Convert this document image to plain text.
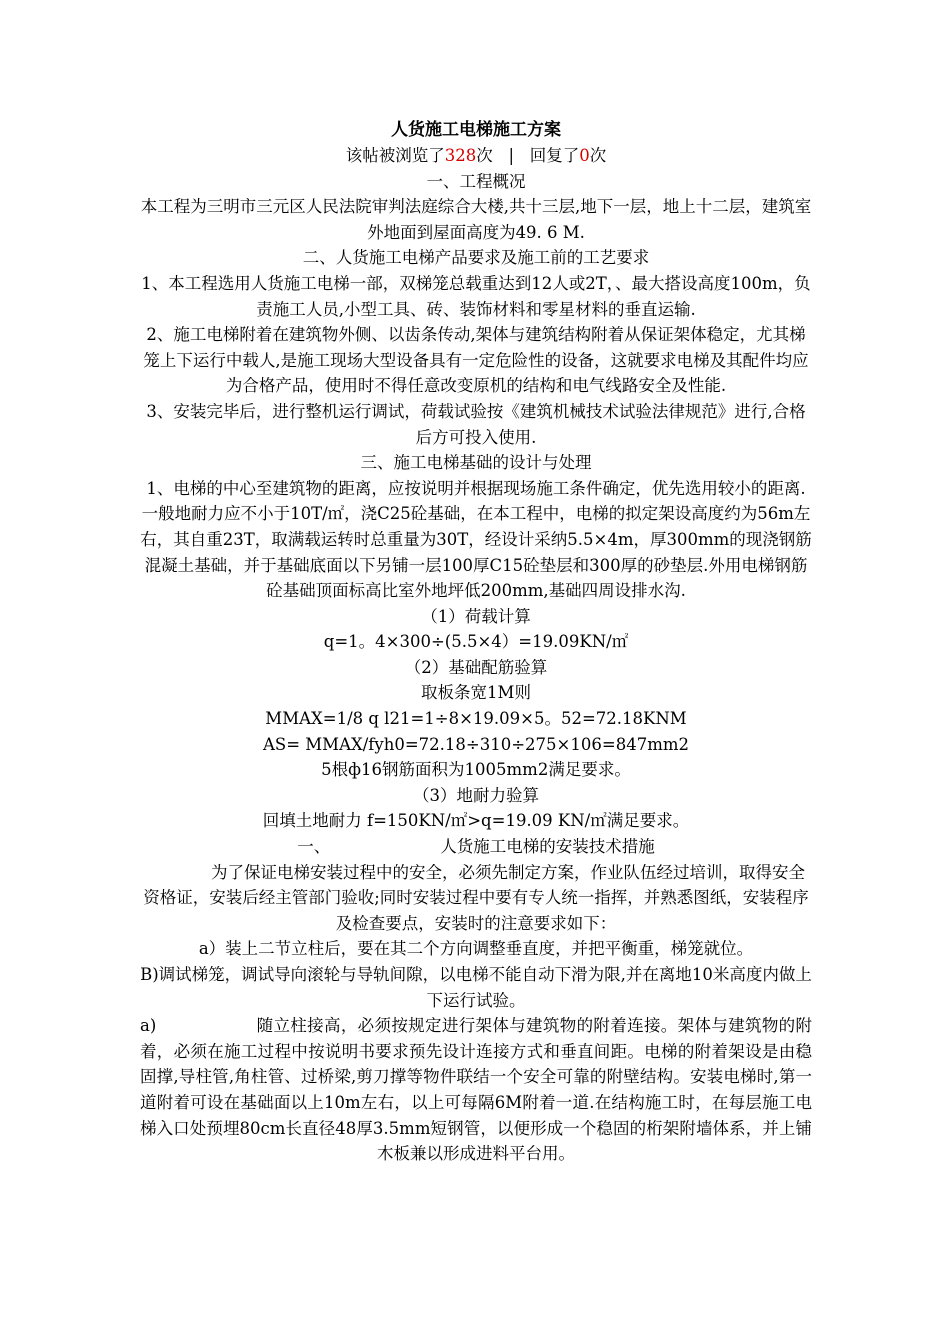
人货施工电梯施工方案

该帖被浏览了328次 | 回复了0次

一、工程概况

本工程为三明市三元区人民法院审判法庭综合大楼,共十三层,地下一层，地上十二层，建筑室外地面到屋面高度为49. 6 M.

二、人货施工电梯产品要求及施工前的工艺要求

1、本工程选用人货施工电梯一部，双梯笼总载重达到12人或2T，、最大搭设高度100m，负责施工人员,小型工具、砖、装饰材料和零星材料的垂直运输.

2、施工电梯附着在建筑物外侧、以齿条传动,架体与建筑结构附着从保证架体稳定，尤其梯笼上下运行中载人,是施工现场大型设备具有一定危险性的设备，这就要求电梯及其配件均应为合格产品，使用时不得任意改变原机的结构和电气线路安全及性能.

3、安装完毕后，进行整机运行调试，荷载试验按《建筑机械技术试验法律规范》进行,合格后方可投入使用.

三、施工电梯基础的设计与处理

1、电梯的中心至建筑物的距离，应按说明并根据现场施工条件确定，优先选用较小的距离.一般地耐力应不小于10T/㎡，浇C25砼基础，在本工程中，电梯的拟定架设高度约为56m左右，其自重23T，取满载运转时总重量为30T，经设计采纳5.5×4m，厚300mm的现浇钢筋混凝土基础，并于基础底面以下另铺一层100厚C15砼垫层和300厚的砂垫层.外用电梯钢筋砼基础顶面标高比室外地坪低200mm,基础四周设排水沟.

（1）荷载计算

q=1。4×300÷(5.5×4）=19.09KN/㎡

（2）基础配筋验算

取板条宽1M则

MMAX=1/8 q l21=1÷8×19.09×5。52=72.18KNM

AS= MMAX/fyh0=72.18÷310÷275×106=847mm2

5根ф16钢筋面积为1005mm2满足要求。

（3）地耐力验算

回填土地耐力 f=150KN/㎡>q=19.09 KN/㎡满足要求。

一、	人货施工电梯的安装技术措施

为了保证电梯安装过程中的安全，必须先制定方案，作业队伍经过培训，取得安全资格证，安装后经主管部门验收;同时安装过程中要有专人统一指挥，并熟悉图纸，安装程序及检查要点，安装时的注意要求如下：

a）装上二节立柱后，要在其二个方向调整垂直度，并把平衡重，梯笼就位。

B)调试梯笼，调试导向滚轮与导轨间隙，以电梯不能自动下滑为限,并在离地10米高度内做上下运行试验。

a)	随立柱接高，必须按规定进行架体与建筑物的附着连接。架体与建筑物的附着，必须在施工过程中按说明书要求预先设计连接方式和垂直间距。电梯的附着架设是由稳固撑,导柱管,角柱管、过桥梁,剪刀撑等物件联结一个安全可靠的附壁结构。安装电梯时,第一道附着可设在基础面以上10m左右，以上可每隔6M附着一道.在结构施工时，在每层施工电梯入口处预埋80cm长直径48厚3.5mm短钢管，以便形成一个稳固的桁架附墙体系，并上铺木板兼以形成进料平台用。
